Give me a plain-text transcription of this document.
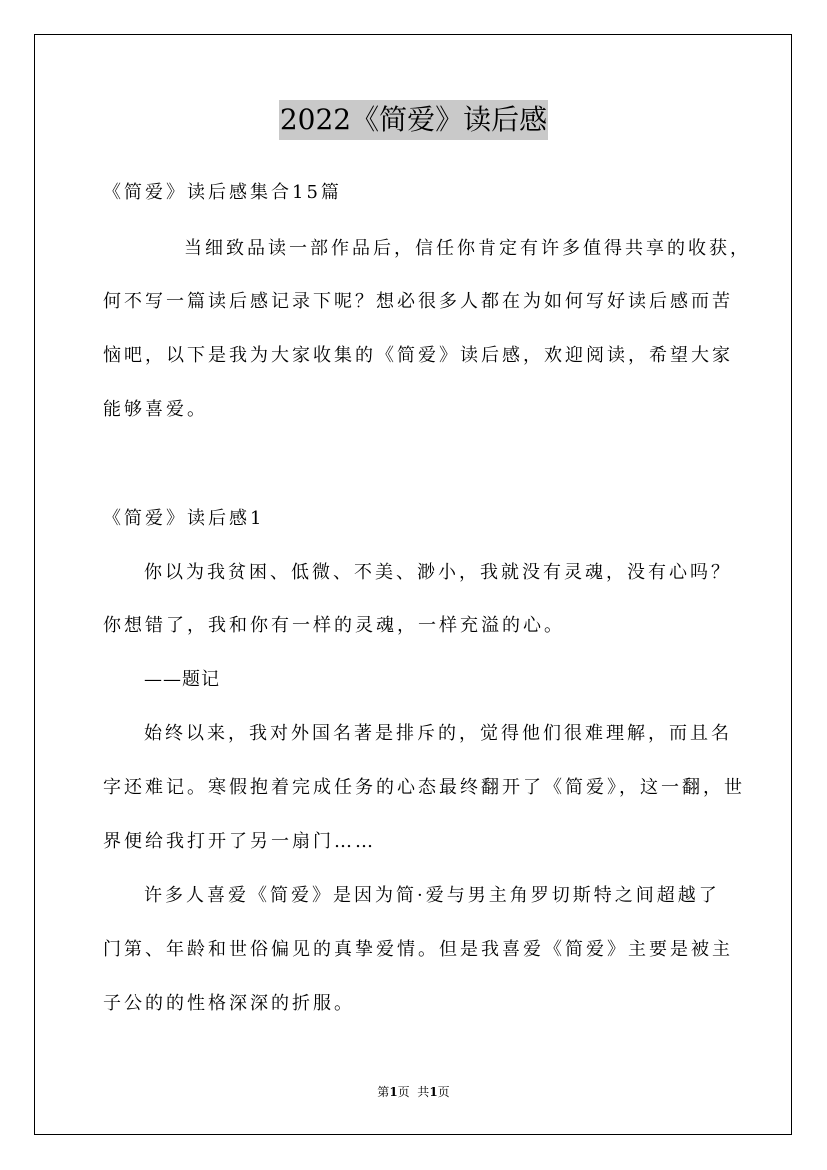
2022《简爱》读后感
《简爱》读后感集合15篇
当细致品读一部作品后，信任你肯定有许多值得共享的收获，
何不写一篇读后感记录下呢？想必很多人都在为如何写好读后感而苦
恼吧，以下是我为大家收集的《简爱》读后感，欢迎阅读，希望大家
能够喜爱。
《简爱》读后感1
你以为我贫困、低微、不美、渺小，我就没有灵魂，没有心吗？
你想错了，我和你有一样的灵魂，一样充溢的心。
——题记
始终以来，我对外国名著是排斥的，觉得他们很难理解，而且名
字还难记。寒假抱着完成任务的心态最终翻开了《简爱》，这一翻，世
界便给我打开了另一扇门……
许多人喜爱《简爱》是因为简·爱与男主角罗切斯特之间超越了
门第、年龄和世俗偏见的真挚爱情。但是我喜爱《简爱》主要是被主
子公的的性格深深的折服。
第1页  共1页
